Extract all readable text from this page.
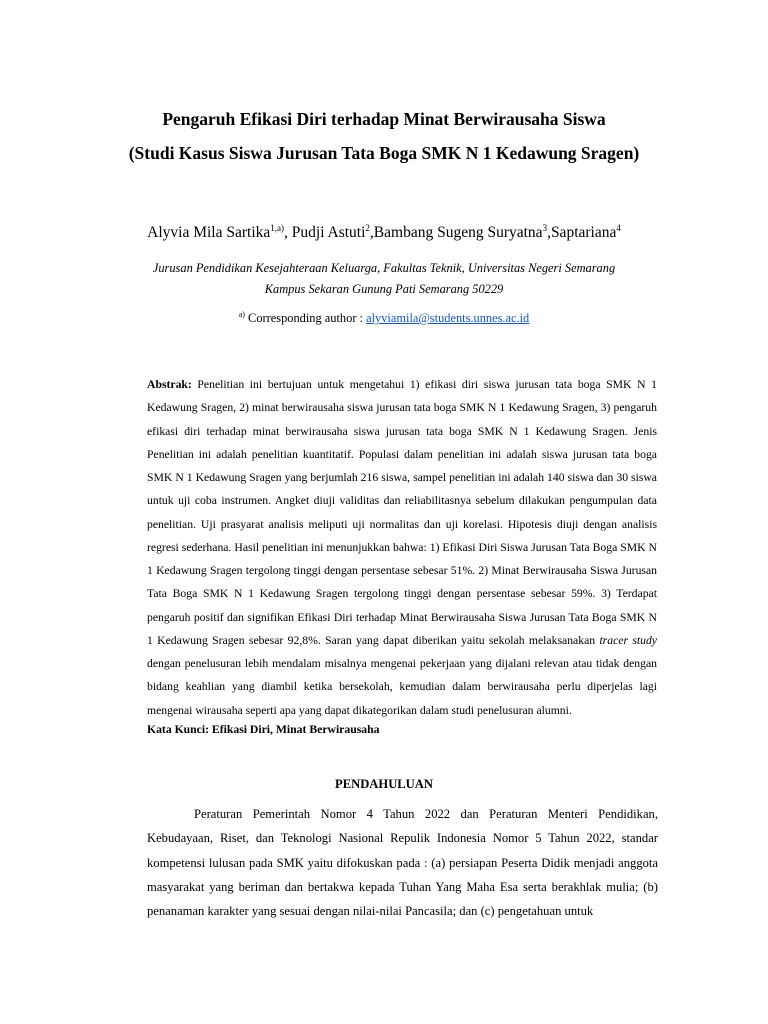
Pengaruh Efikasi Diri terhadap Minat Berwirausaha Siswa
(Studi Kasus Siswa Jurusan Tata Boga SMK N 1 Kedawung Sragen)
Alyvia Mila Sartika$^{1,a)}$, Pudji Astuti$^2$,Bambang Sugeng Suryatna$^3$,Saptariana$^4$
Jurusan Pendidikan Kesejahteraan Keluarga, Fakultas Teknik, Universitas Negeri Semarang
Kampus Sekaran Gunung Pati Semarang 50229
$^{a)}$ Corresponding author : alyviamila@students.unnes.ac.id

Abstrak: Penelitian ini bertujuan untuk mengetahui 1) efikasi diri siswa jurusan tata boga SMK N 1 Kedawung Sragen, 2) minat berwirausaha siswa jurusan tata boga SMK N 1 Kedawung Sragen, 3) pengaruh efikasi diri terhadap minat berwirausaha siswa jurusan tata boga SMK N 1 Kedawung Sragen. Jenis Penelitian ini adalah penelitian kuantitatif. Populasi dalam penelitian ini adalah siswa jurusan tata boga SMK N 1 Kedawung Sragen yang berjumlah 216 siswa, sampel penelitian ini adalah 140 siswa dan 30 siswa untuk uji coba instrumen. Angket diuji validitas dan reliabilitasnya sebelum dilakukan pengumpulan data penelitian. Uji prasyarat analisis meliputi uji normalitas dan uji korelasi. Hipotesis diuji dengan analisis regresi sederhana. Hasil penelitian ini menunjukkan bahwa: 1) Efikasi Diri Siswa Jurusan Tata Boga SMK N 1 Kedawung Sragen tergolong tinggi dengan persentase sebesar 51%. 2) Minat Berwirausaha Siswa Jurusan Tata Boga SMK N 1 Kedawung Sragen tergolong tinggi dengan persentase sebesar 59%. 3) Terdapat pengaruh positif dan signifikan Efikasi Diri terhadap Minat Berwirausaha Siswa Jurusan Tata Boga SMK N 1 Kedawung Sragen sebesar 92,8%. Saran yang dapat diberikan yaitu sekolah melaksanakan tracer study dengan penelusuran lebih mendalam misalnya mengenai pekerjaan yang dijalani relevan atau tidak dengan bidang keahlian yang diambil ketika bersekolah, kemudian dalam berwirausaha perlu diperjelas lagi mengenai wirausaha seperti apa yang dapat dikategorikan dalam studi penelusuran alumni.

Kata Kunci: Efikasi Diri, Minat Berwirausaha
PENDAHULUAN

Peraturan Pemerintah Nomor 4 Tahun 2022 dan Peraturan Menteri Pendidikan, Kebudayaan, Riset, dan Teknologi Nasional Repulik Indonesia Nomor 5 Tahun 2022, standar kompetensi lulusan pada SMK yaitu difokuskan pada : (a) persiapan Peserta Didik menjadi anggota masyarakat yang beriman dan bertakwa kepada Tuhan Yang Maha Esa serta berakhlak mulia; (b) penanaman karakter yang sesuai dengan nilai-nilai Pancasila; dan (c) pengetahuan untuk
